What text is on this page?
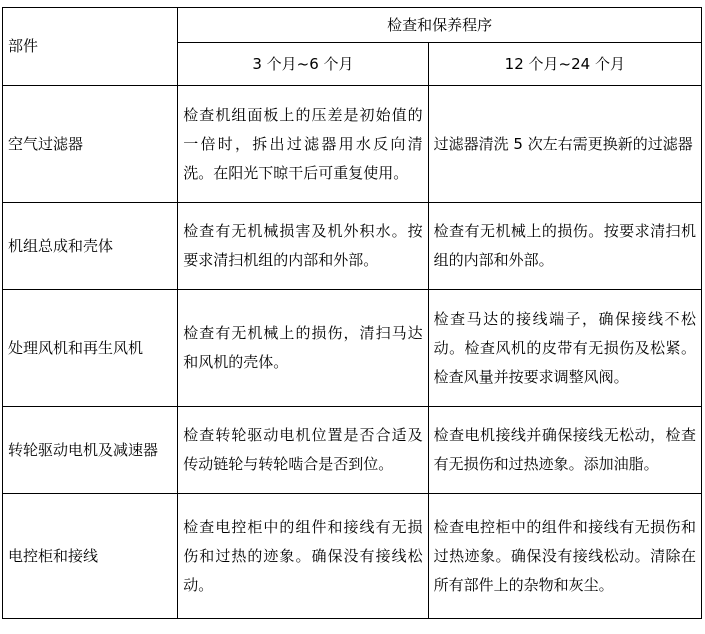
部件	检查和保养程序	
	3 个月~6 个月	12 个月~24 个月
空气过滤器	检查机组面板上的压差是初始值的一倍时，拆出过滤器用水反向清洗。在阳光下晾干后可重复使用。	过滤器清洗 5 次左右需更换新的过滤器
机组总成和壳体	检查有无机械损害及机外积水。按要求清扫机组的内部和外部。	检查有无机械上的损伤。按要求清扫机组的内部和外部。
处理风机和再生风机	检查有无机械上的损伤，清扫马达和风机的壳体。	检查马达的接线端子，确保接线不松动。检查风机的皮带有无损伤及松紧。检查风量并按要求调整风阀。
转轮驱动电机及减速器	检查转轮驱动电机位置是否合适及传动链轮与转轮啮合是否到位。	检查电机接线并确保接线无松动，检查有无损伤和过热迹象。添加油脂。
电控柜和接线	检查电控柜中的组件和接线有无损伤和过热的迹象。确保没有接线松动。	检查电控柜中的组件和接线有无损伤和过热迹象。确保没有接线松动。清除在所有部件上的杂物和灰尘。
